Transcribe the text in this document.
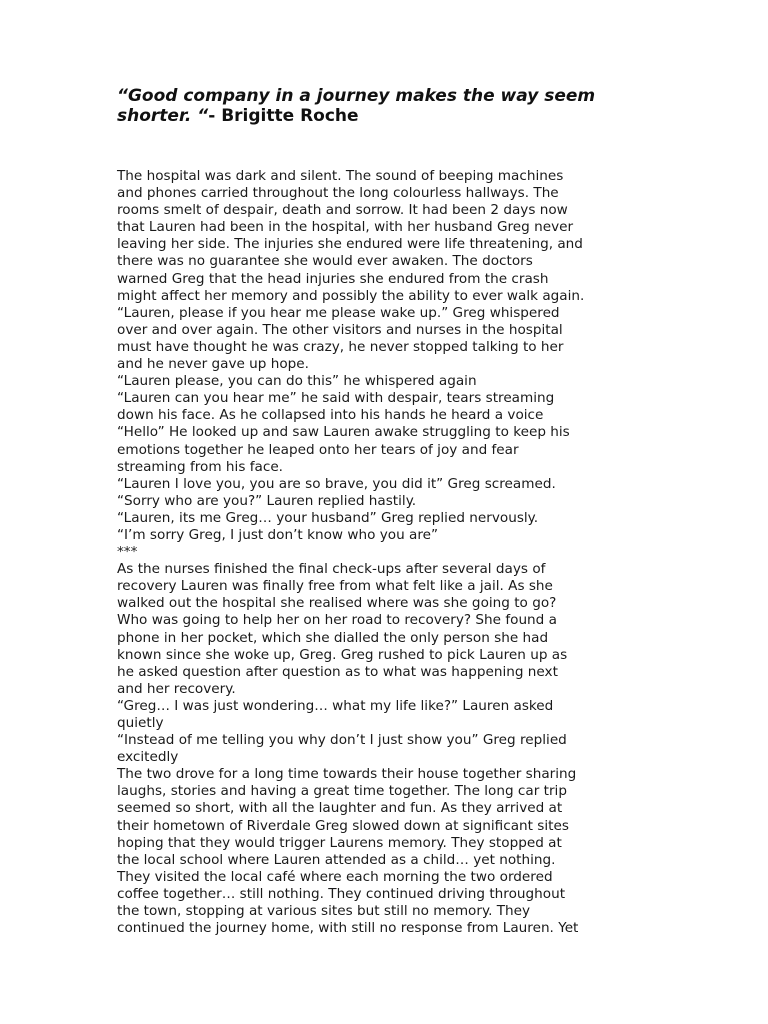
“Good company in a journey makes the way seem
shorter. “- Brigitte Roche
The hospital was dark and silent. The sound of beeping machines
and phones carried throughout the long colourless hallways. The
rooms smelt of despair, death and sorrow. It had been 2 days now
that Lauren had been in the hospital, with her husband Greg never
leaving her side. The injuries she endured were life threatening, and
there was no guarantee she would ever awaken. The doctors
warned Greg that the head injuries she endured from the crash
might affect her memory and possibly the ability to ever walk again.
“Lauren, please if you hear me please wake up.” Greg whispered
over and over again. The other visitors and nurses in the hospital
must have thought he was crazy, he never stopped talking to her
and he never gave up hope.
“Lauren please, you can do this” he whispered again
“Lauren can you hear me” he said with despair, tears streaming
down his face. As he collapsed into his hands he heard a voice
“Hello” He looked up and saw Lauren awake struggling to keep his
emotions together he leaped onto her tears of joy and fear
streaming from his face.
“Lauren I love you, you are so brave, you did it” Greg screamed.
“Sorry who are you?” Lauren replied hastily.
“Lauren, its me Greg… your husband” Greg replied nervously.
“I’m sorry Greg, I just don’t know who you are”
***
As the nurses finished the final check-ups after several days of
recovery Lauren was finally free from what felt like a jail. As she
walked out the hospital she realised where was she going to go?
Who was going to help her on her road to recovery? She found a
phone in her pocket, which she dialled the only person she had
known since she woke up, Greg. Greg rushed to pick Lauren up as
he asked question after question as to what was happening next
and her recovery.
“Greg… I was just wondering… what my life like?” Lauren asked
quietly
“Instead of me telling you why don’t I just show you” Greg replied
excitedly
The two drove for a long time towards their house together sharing
laughs, stories and having a great time together. The long car trip
seemed so short, with all the laughter and fun. As they arrived at
their hometown of Riverdale Greg slowed down at significant sites
hoping that they would trigger Laurens memory. They stopped at
the local school where Lauren attended as a child… yet nothing.
They visited the local café where each morning the two ordered
coffee together… still nothing. They continued driving throughout
the town, stopping at various sites but still no memory. They
continued the journey home, with still no response from Lauren. Yet
